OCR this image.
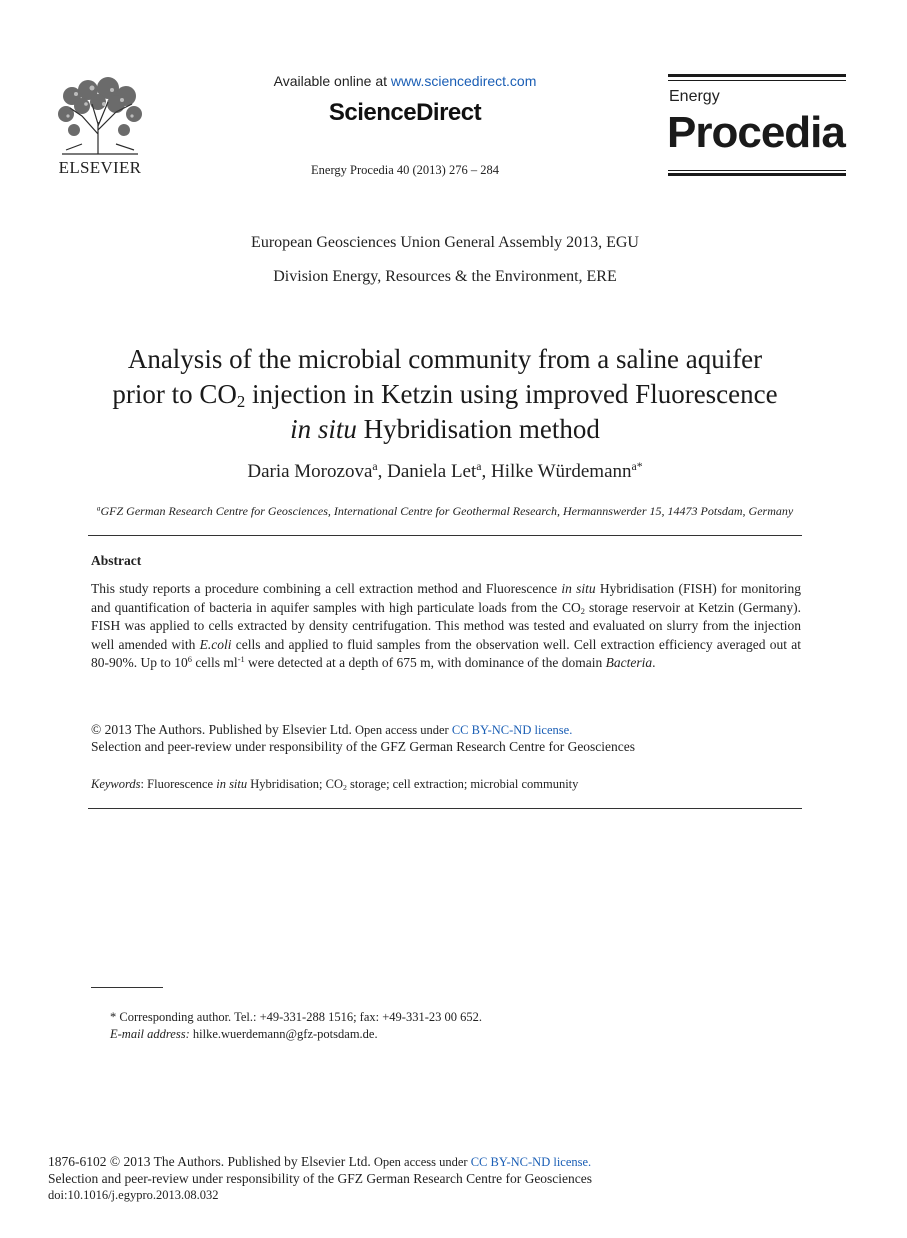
ELSEVIER
Available online at www.sciencedirect.com
ScienceDirect
Energy Procedia 40 (2013) 276 – 284
Energy
Procedia
European Geosciences Union General Assembly 2013, EGU
Division Energy, Resources & the Environment, ERE
Analysis of the microbial community from a saline aquifer
prior to $CO_2$ injection in Ketzin using improved Fluorescence
in situ Hybridisation method
Daria Morozova$^a$, Daniela Let$^a$, Hilke Würdemann$^{a*}$
$^a$GFZ German Research Centre for Geosciences, International Centre for Geothermal Research, Hermannswerder 15, 14473 Potsdam, Germany
Abstract
This study reports a procedure combining a cell extraction method and Fluorescence in situ Hybridisation (FISH) for monitoring and quantification of bacteria in aquifer samples with high particulate loads from the $CO_2$ storage reservoir at Ketzin (Germany). FISH was applied to cells extracted by density centrifugation. This method was tested and evaluated on slurry from the injection well amended with E.coli cells and applied to fluid samples from the observation well. Cell extraction efficiency averaged out at 80-90%. Up to $10^6$ cells $ml^{-1}$ were detected at a depth of 675 m, with dominance of the domain Bacteria.
© 2013 The Authors. Published by Elsevier Ltd. Open access under CC BY-NC-ND license.
Selection and peer-review under responsibility of the GFZ German Research Centre for Geosciences
Keywords: Fluorescence in situ Hybridisation; $CO_2$ storage; cell extraction; microbial community
* Corresponding author. Tel.: +49-331-288 1516; fax: +49-331-23 00 652.
E-mail address: hilke.wuerdemann@gfz-potsdam.de.
1876-6102 © 2013 The Authors. Published by Elsevier Ltd. Open access under CC BY-NC-ND license.
Selection and peer-review under responsibility of the GFZ German Research Centre for Geosciences
doi:10.1016/j.egypro.2013.08.032
